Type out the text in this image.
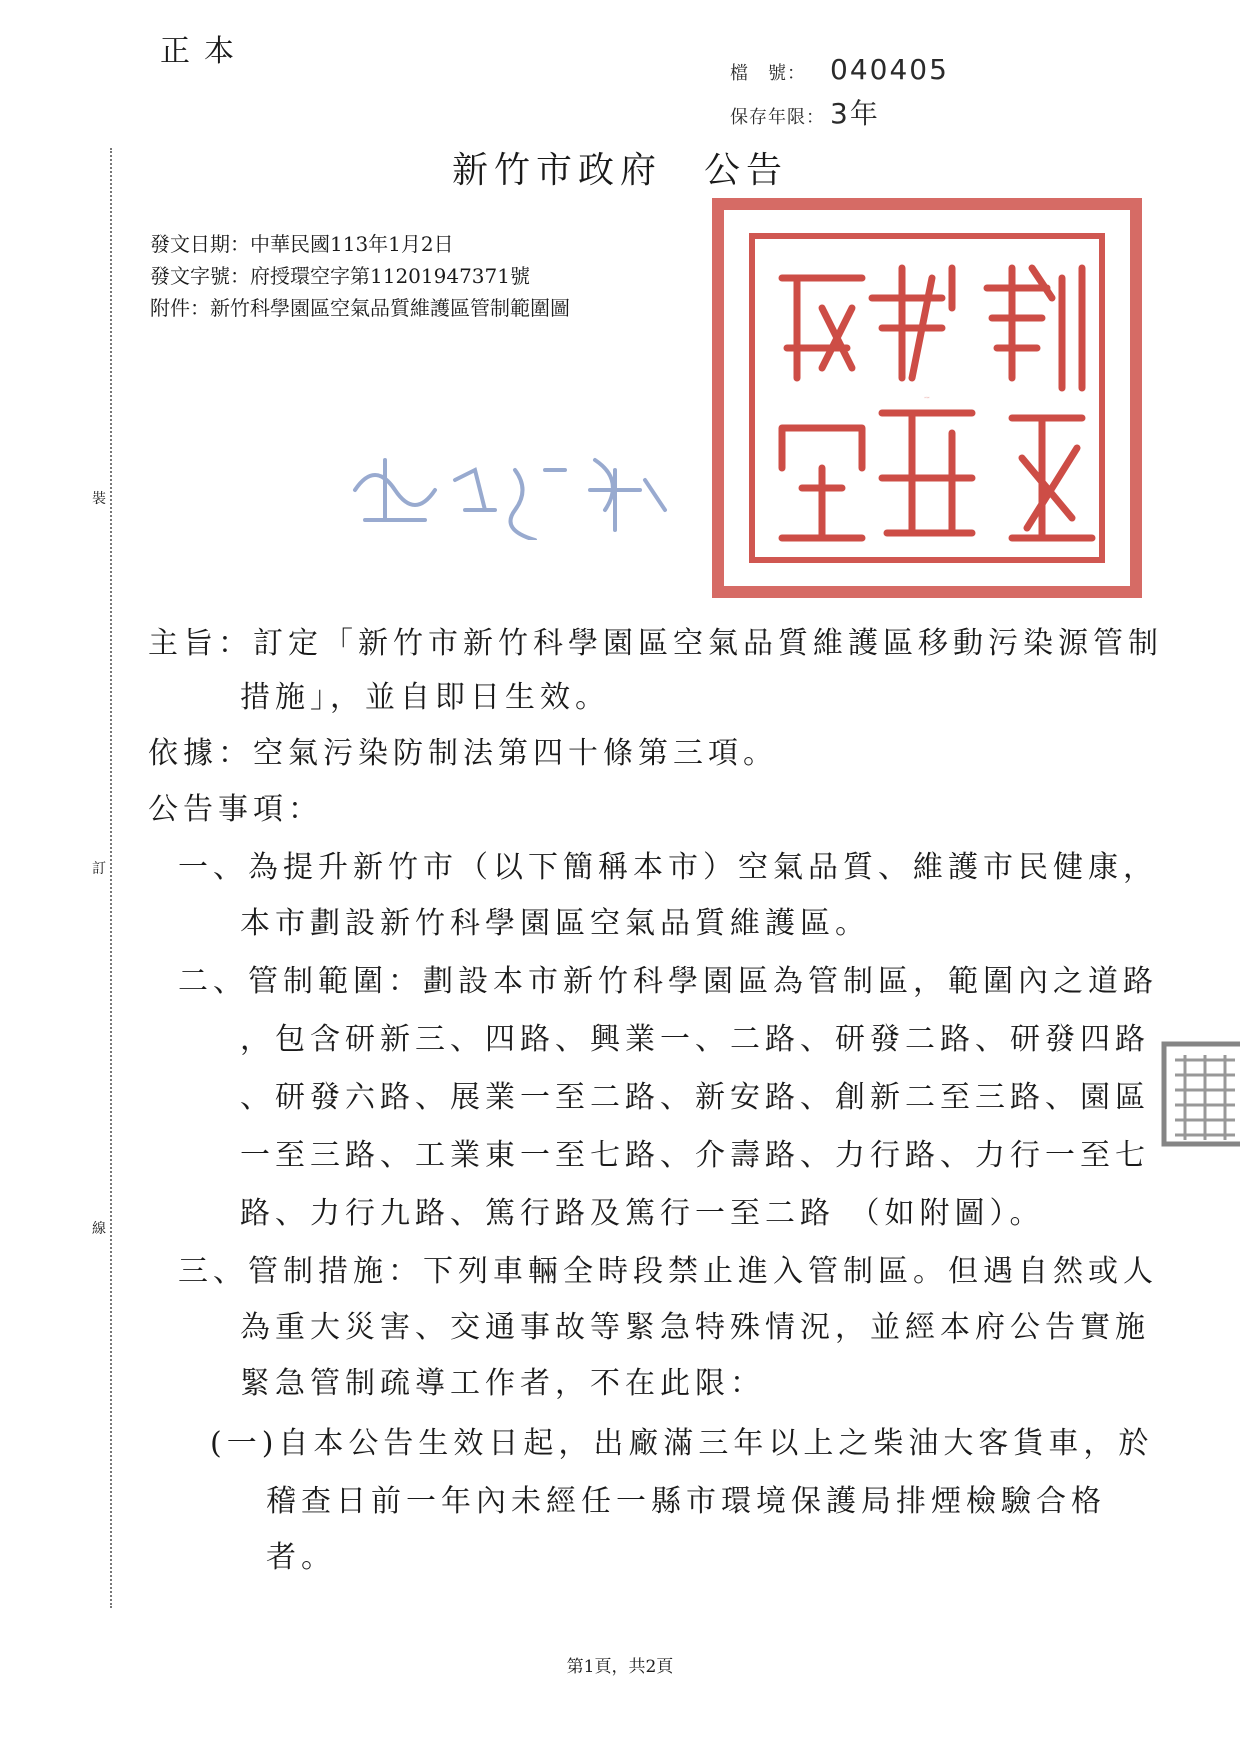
正本
檔　號： 040405
保存年限： 3年
裝
訂
線
新竹市政府　公告
發文日期：中華民國113年1月2日
發文字號：府授環空字第11201947371號
附件：新竹科學園區空氣品質維護區管制範圍圖
新竹市政府
主旨：訂定「新竹市新竹科學園區空氣品質維護區移動污染源管制
措施」，並自即日生效。
依據：空氣污染防制法第四十條第三項。
公告事項：
一、為提升新竹市（以下簡稱本市）空氣品質、維護市民健康，
本市劃設新竹科學園區空氣品質維護區。
二、管制範圍：劃設本市新竹科學園區為管制區，範圍內之道路
，包含研新三、四路、興業一、二路、研發二路、研發四路
、研發六路、展業一至二路、新安路、創新二至三路、園區
一至三路、工業東一至七路、介壽路、力行路、力行一至七
路、力行九路、篤行路及篤行一至二路 （如附圖）。
三、管制措施：下列車輛全時段禁止進入管制區。但遇自然或人
為重大災害、交通事故等緊急特殊情況，並經本府公告實施
緊急管制疏導工作者，不在此限：
(一)自本公告生效日起，出廠滿三年以上之柴油大客貨車，於
稽查日前一年內未經任一縣市環境保護局排煙檢驗合格
者。
第1頁，共2頁
